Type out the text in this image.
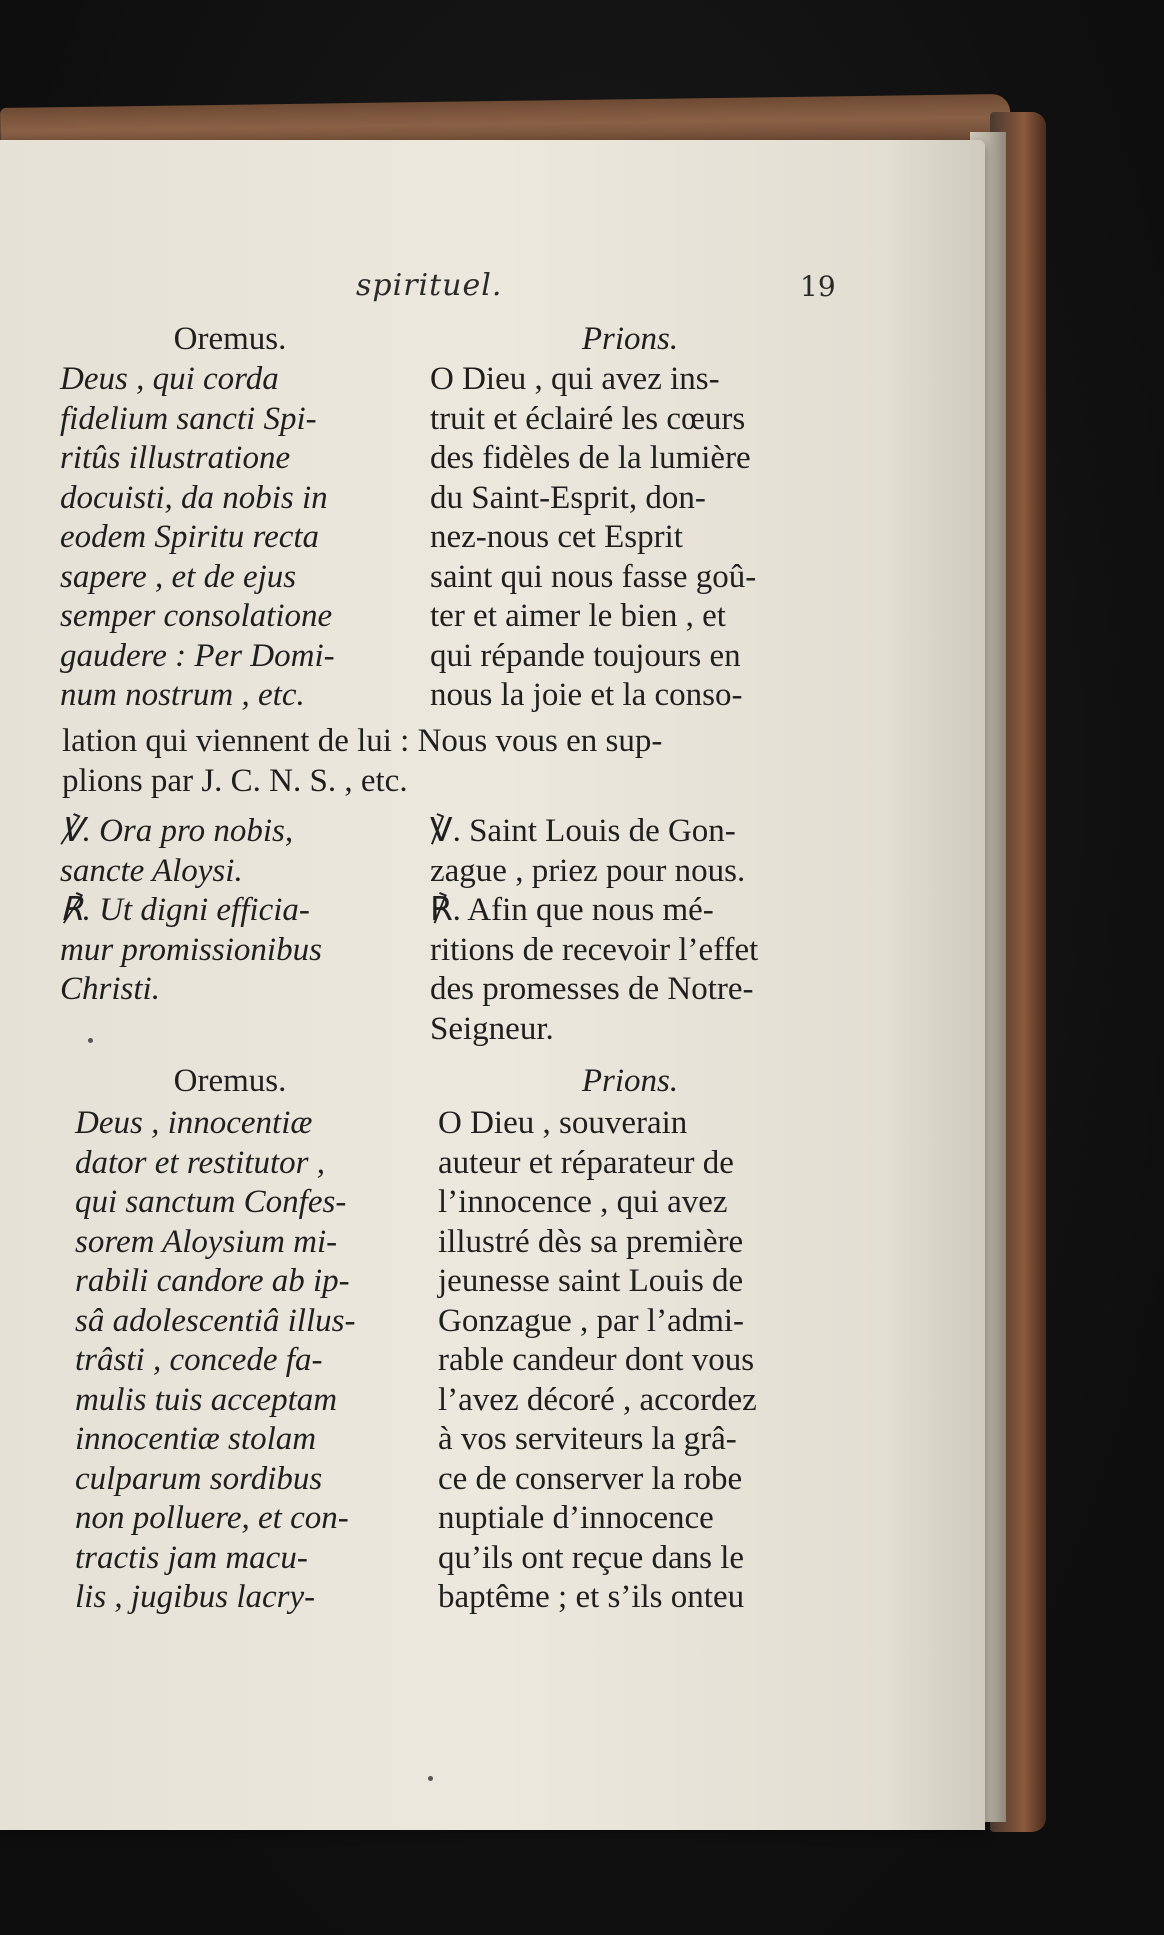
spirituel.	19
Oremus.	Prions.
Deus , qui corda
fidelium sancti Spi-
ritûs illustratione
docuisti, da nobis in
eodem Spiritu recta
sapere , et de ejus
semper consolatione
gaudere : Per Domi-
num nostrum , etc.
O Dieu , qui avez ins-
truit et éclairé les cœurs
des fidèles de la lumière
du Saint-Esprit, don-
nez-nous cet Esprit
saint qui nous fasse goû-
ter et aimer le bien , et
qui répande toujours en
nous la joie et la conso-
lation qui viennent de lui : Nous vous en sup-
plions par J. C. N. S. , etc.
℣. Ora pro nobis,
sancte Aloysi.
℟. Ut digni efficia-
mur promissionibus
Christi.
℣. Saint Louis de Gon-
zague , priez pour nous.
℟. Afin que nous mé-
ritions de recevoir l’effet
des promesses de Notre-
Seigneur.
Oremus.	Prions.
Deus , innocentiæ
dator et restitutor ,
qui sanctum Confes-
sorem Aloysium mi-
rabili candore ab ip-
sâ adolescentiâ illus-
trâsti , concede fa-
mulis tuis acceptam
innocentiæ stolam
culparum sordibus
non polluere, et con-
tractis jam macu-
lis , jugibus lacry-
O Dieu , souverain
auteur et réparateur de
l’innocence , qui avez
illustré dès sa première
jeunesse saint Louis de
Gonzague , par l’admi-
rable candeur dont vous
l’avez décoré , accordez
à vos serviteurs la grâ-
ce de conserver la robe
nuptiale d’innocence
qu’ils ont reçue dans le
baptême ; et s’ils onteu
